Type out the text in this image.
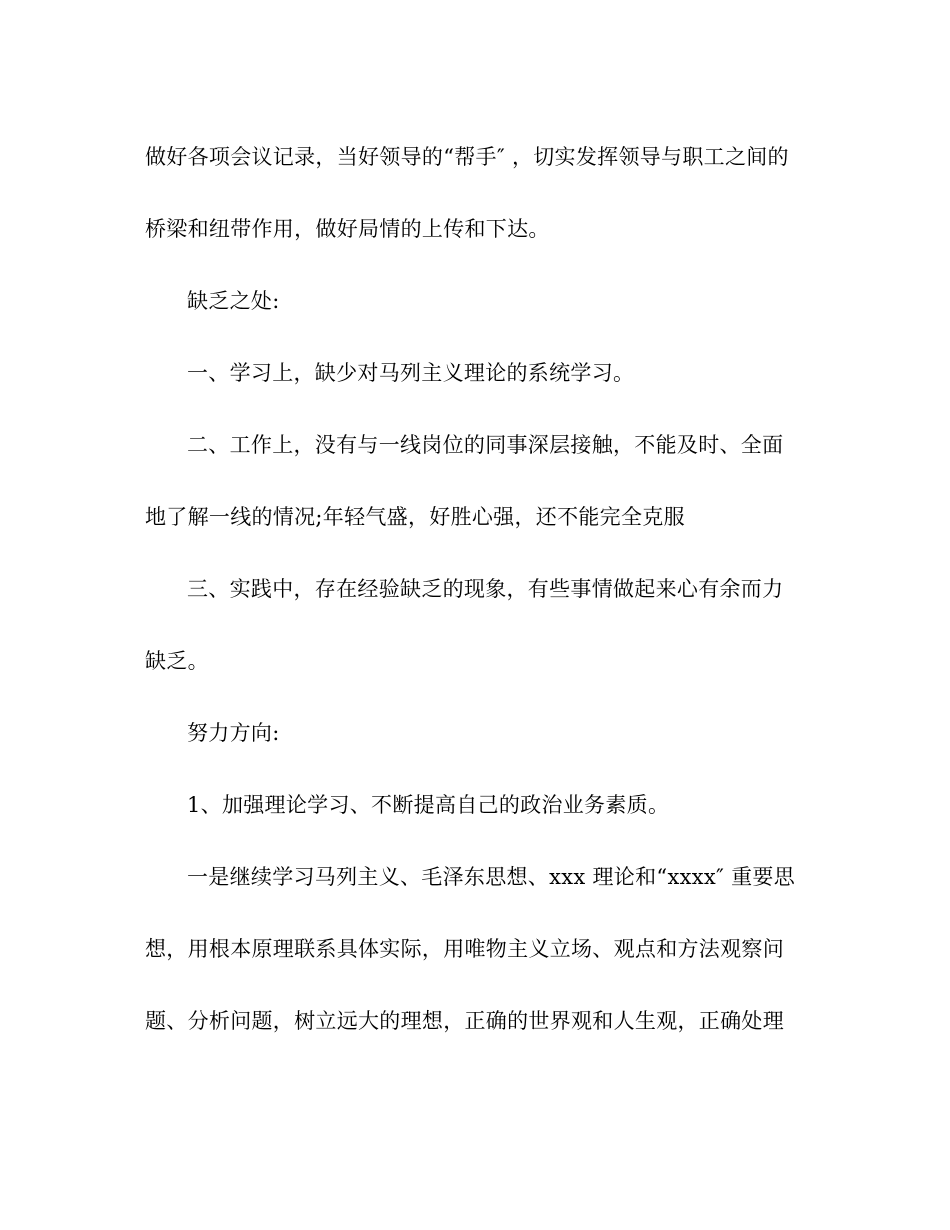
做好各项会议记录，当好领导的“帮手″ ，切实发挥领导与职工之间的
桥梁和纽带作用，做好局情的上传和下达。
缺乏之处:
一、学习上，缺少对马列主义理论的系统学习。
二、工作上，没有与一线岗位的同事深层接触，不能及时、全面
地了解一线的情况;年轻气盛，好胜心强，还不能完全克服
三、实践中，存在经验缺乏的现象，有些事情做起来心有余而力
缺乏。
努力方向:
1、加强理论学习、不断提高自己的政治业务素质。
一是继续学习马列主义、毛泽东思想、xxx 理论和“xxxx″ 重要思
想，用根本原理联系具体实际，用唯物主义立场、观点和方法观察问
题、分析问题，树立远大的理想，正确的世界观和人生观，正确处理
